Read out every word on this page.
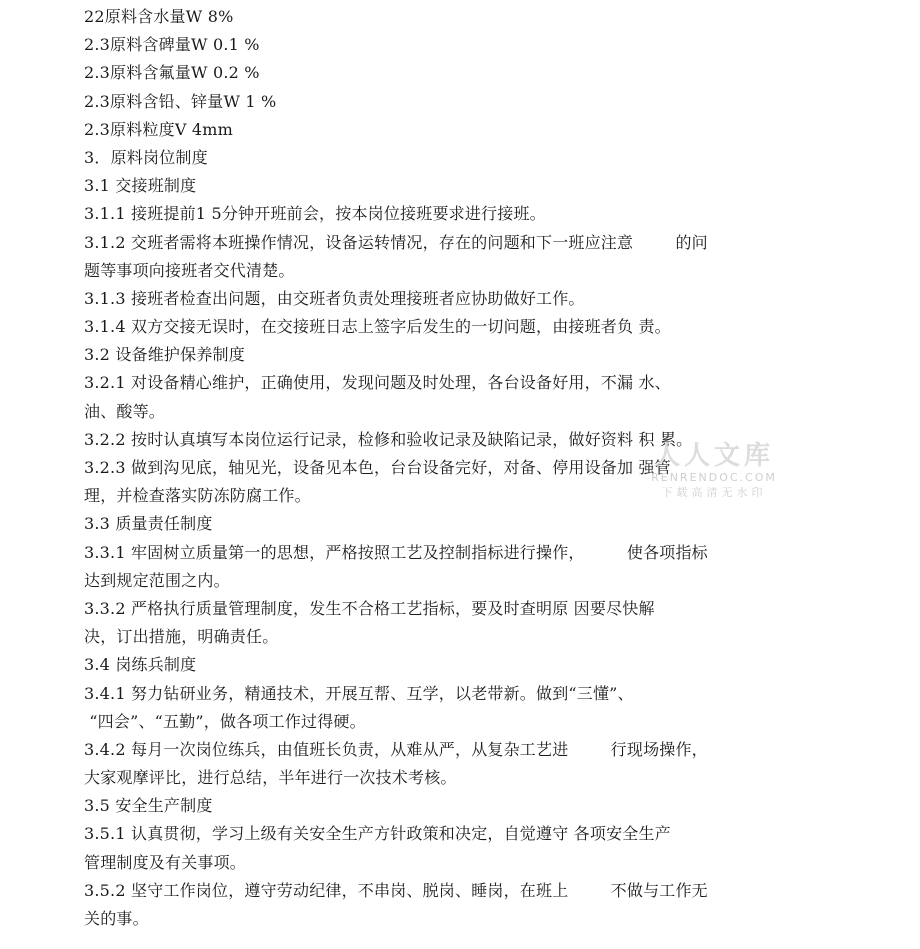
22原料含水量W 8%
2.3原料含碑量W 0.1 %
2.3原料含氟量W 0.2 %
2.3原料含铅、锌量W 1 %
2.3原料粒度V 4mm
3．原料岗位制度
3.1 交接班制度
3.1.1 接班提前1 5分钟开班前会，按本岗位接班要求进行接班。
3.1.2 交班者需将本班操作情况，设备运转情况，存在的问题和下一班应注意        的问
题等事项向接班者交代清楚。
3.1.3 接班者检查出问题，由交班者负责处理接班者应协助做好工作。
3.1.4 双方交接无误时，在交接班日志上签字后发生的一切问题，由接班者负 责。
3.2 设备维护保养制度
3.2.1 对设备精心维护，正确使用，发现问题及时处理，各台设备好用，不漏 水、
油、酸等。
3.2.2 按时认真填写本岗位运行记录，检修和验收记录及缺陷记录，做好资料 积 累。
3.2.3 做到沟见底，轴见光，设备见本色，台台设备完好，对备、停用设备加 强管
理，并检查落实防冻防腐工作。
3.3 质量责任制度
3.3.1 牢固树立质量第一的思想，严格按照工艺及控制指标进行操作，        使各项指标
达到规定范围之内。
3.3.2 严格执行质量管理制度，发生不合格工艺指标，要及时查明原 因要尽快解
决，订出措施，明确责任。
3.4 岗练兵制度
3.4.1 努力钻研业务，精通技术，开展互帮、互学，以老带新。做到“三懂”、
“四会”、“五勤”，做各项工作过得硬。
3.4.2 每月一次岗位练兵，由值班长负责，从难从严，从复杂工艺进        行现场操作，
大家观摩评比，进行总结，半年进行一次技术考核。
3.5 安全生产制度
3.5.1 认真贯彻，学习上级有关安全生产方针政策和决定，自觉遵守 各项安全生产
管理制度及有关事项。
3.5.2 坚守工作岗位，遵守劳动纪律，不串岗、脱岗、睡岗，在班上        不做与工作无
关的事。
人人文库
RENRENDOC.COM
下载高清无水印
